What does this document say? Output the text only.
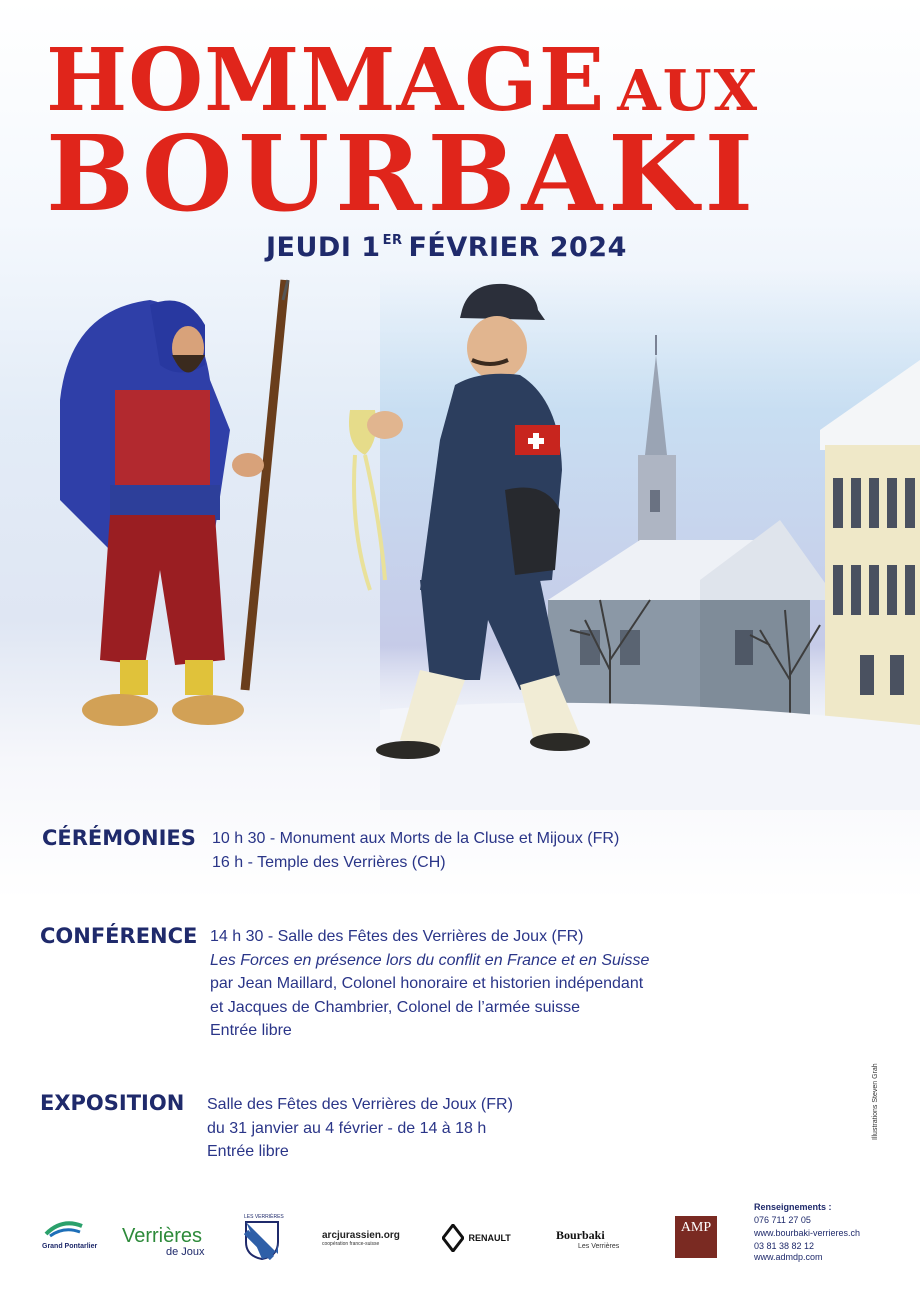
HOMMAGE AUX
BOURBAKI
JEUDI 1 $^{ER}$ FÉVRIER 2024
CÉRÉMONIES 10 h 30 - Monument aux Morts de la Cluse et Mijoux (FR)
16 h - Temple des Verrières (CH)
CONFÉRENCE 14 h 30 - Salle des Fêtes des Verrières de Joux (FR)
Les Forces en présence lors du conflit en France et en Suisse
par Jean Maillard, Colonel honoraire et historien indépendant
et Jacques de Chambrier, Colonel de l’armée suisse
Entrée libre
EXPOSITION Salle des Fêtes des Verrières de Joux (FR)
du 31 janvier au 4 février - de 14 à 18 h
Entrée libre
Illustrations Steven Grah
Renseignements :
076 711 27 05
www.bourbaki-verrieres.ch
03 81 38 82 12
www.admdp.com
Grand Pontarlier Verrières
de Joux
LES VERRIÈRES
arcjurassien.org
coopération france-suisse
RENAULT	Bourbaki
Les Verrières
AMP
